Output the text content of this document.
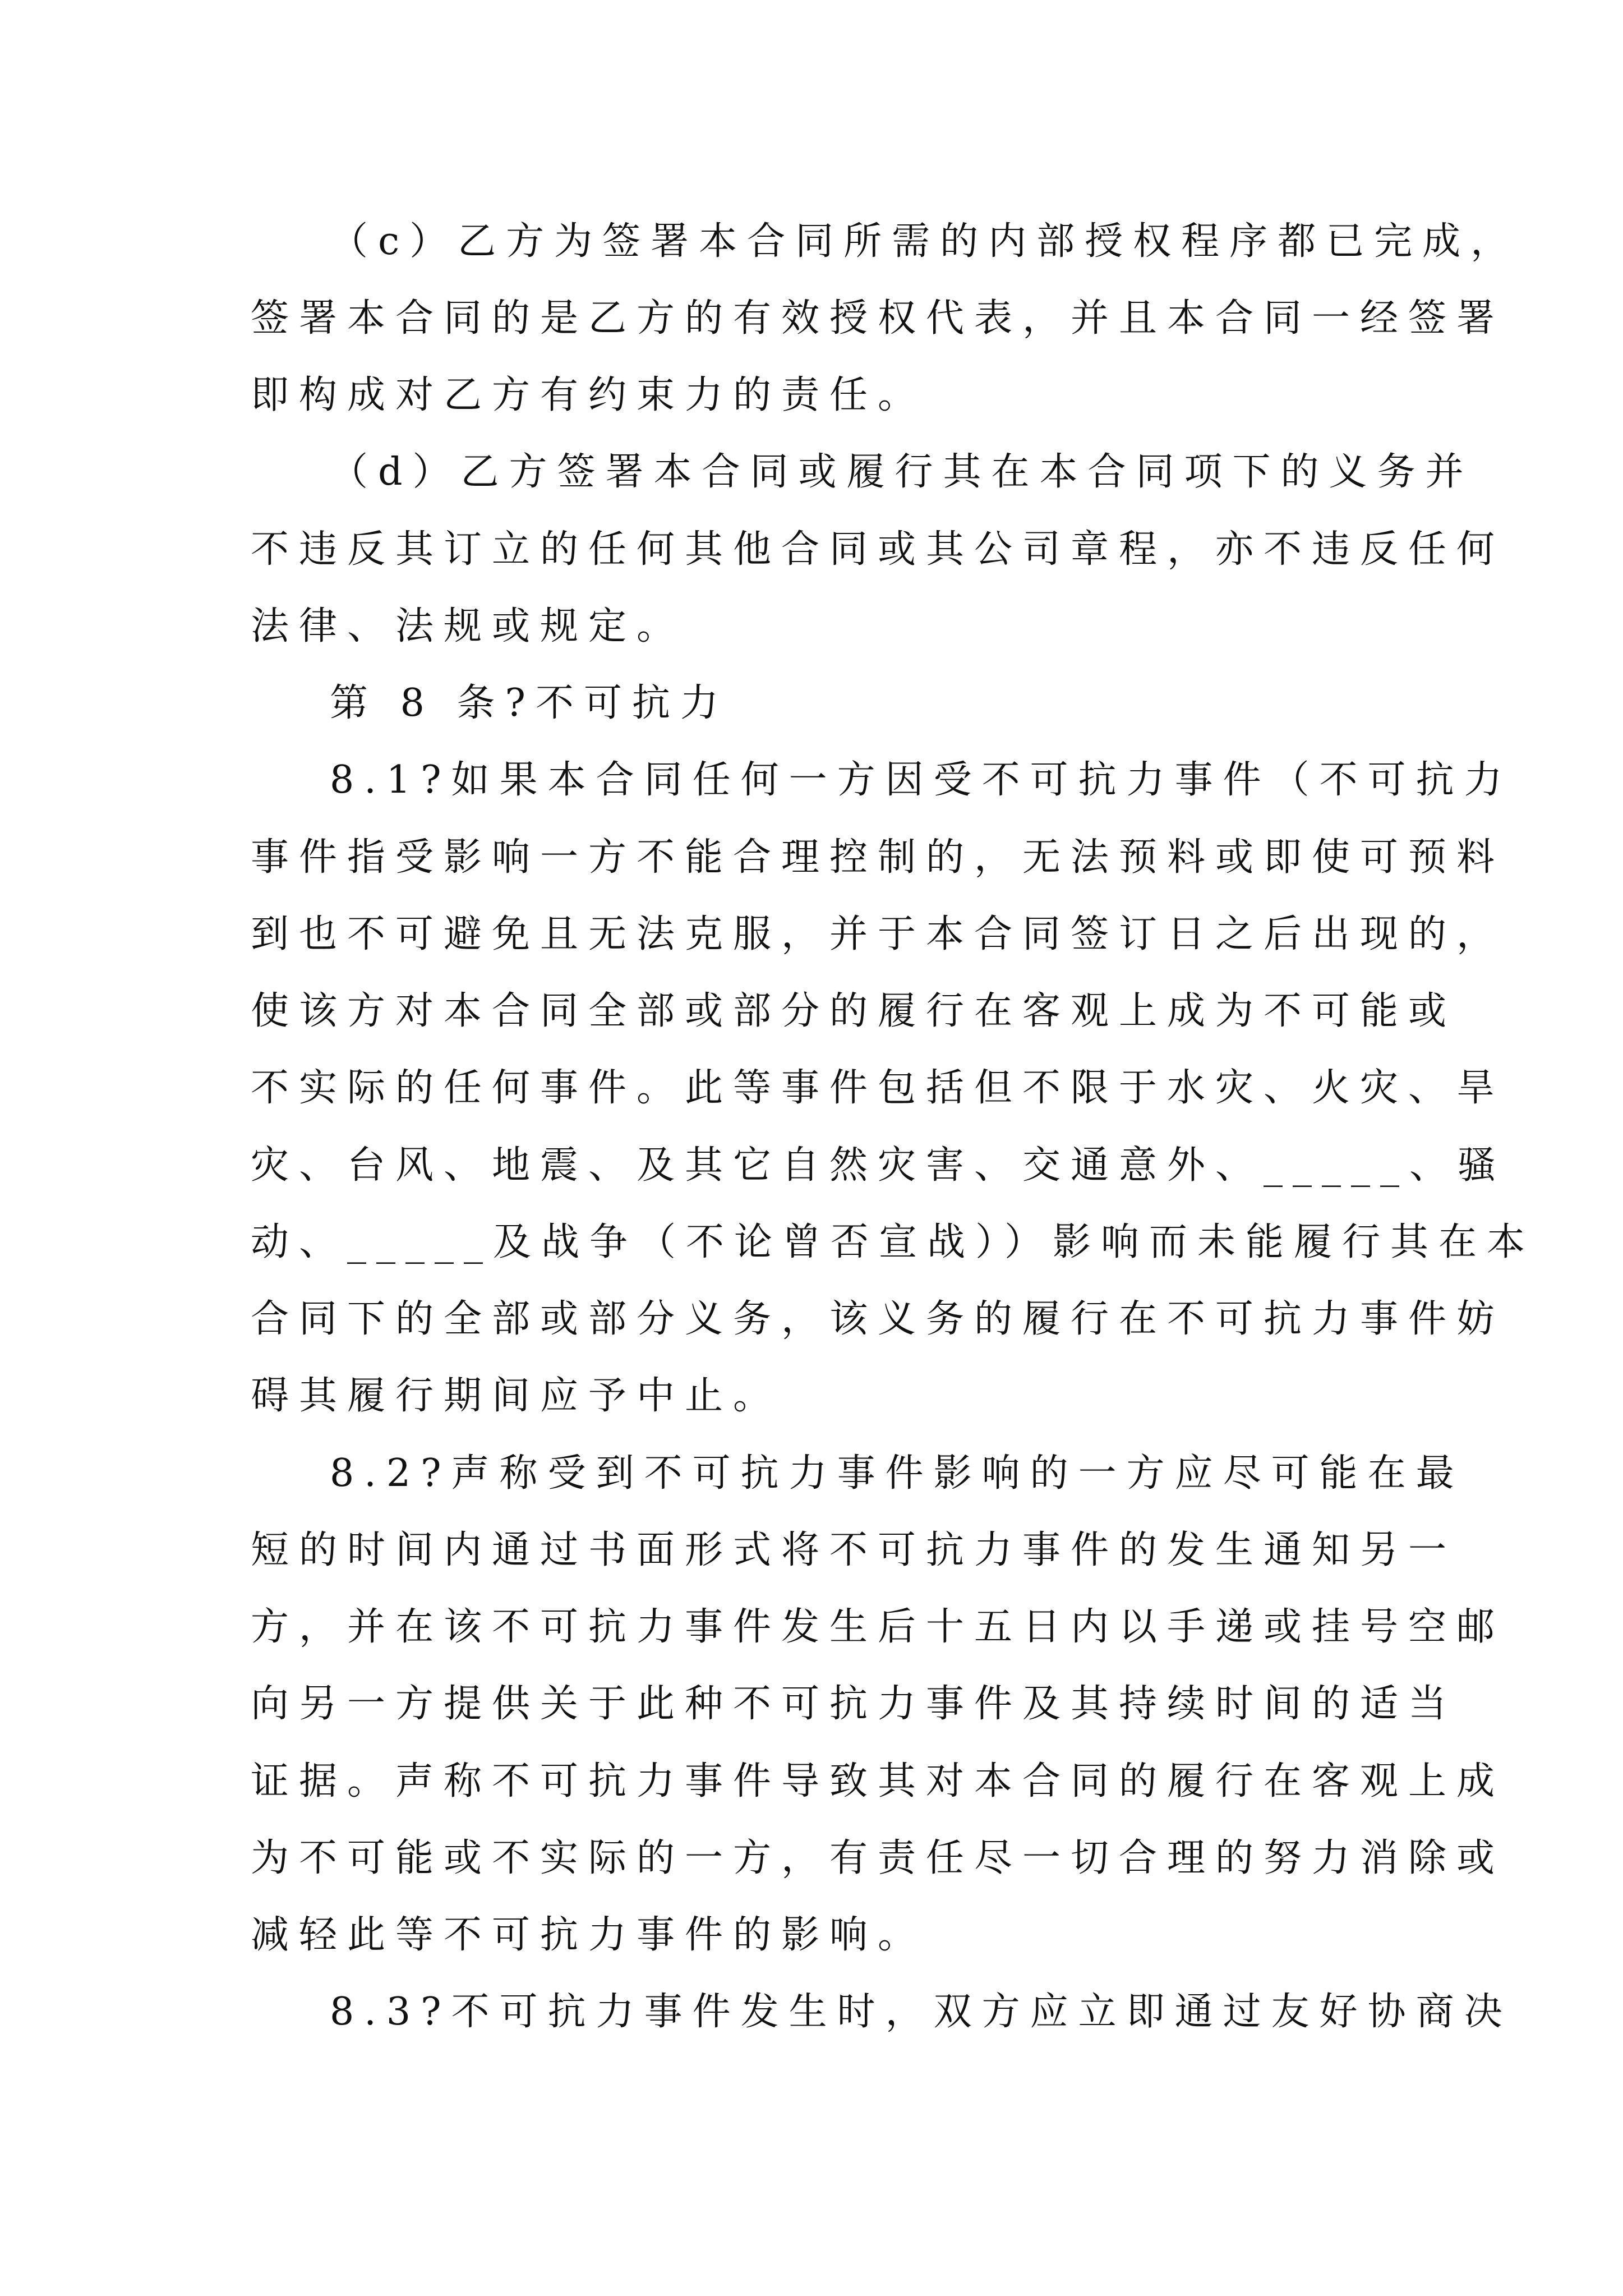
（c）乙方为签署本合同所需的内部授权程序都已完成，
签署本合同的是乙方的有效授权代表，并且本合同一经签署
即构成对乙方有约束力的责任。
（d）乙方签署本合同或履行其在本合同项下的义务并
不违反其订立的任何其他合同或其公司章程，亦不违反任何
法律、法规或规定。
第 8 条?不可抗力
8.1?如果本合同任何一方因受不可抗力事件（不可抗力
事件指受影响一方不能合理控制的，无法预料或即使可预料
到也不可避免且无法克服，并于本合同签订日之后出现的，
使该方对本合同全部或部分的履行在客观上成为不可能或
不实际的任何事件。此等事件包括但不限于水灾、火灾、旱
灾、台风、地震、及其它自然灾害、交通意外、_____、骚
动、_____及战争（不论曾否宣战））影响而未能履行其在本
合同下的全部或部分义务，该义务的履行在不可抗力事件妨
碍其履行期间应予中止。
8.2?声称受到不可抗力事件影响的一方应尽可能在最
短的时间内通过书面形式将不可抗力事件的发生通知另一
方，并在该不可抗力事件发生后十五日内以手递或挂号空邮
向另一方提供关于此种不可抗力事件及其持续时间的适当
证据。声称不可抗力事件导致其对本合同的履行在客观上成
为不可能或不实际的一方，有责任尽一切合理的努力消除或
减轻此等不可抗力事件的影响。
8.3?不可抗力事件发生时，双方应立即通过友好协商决
